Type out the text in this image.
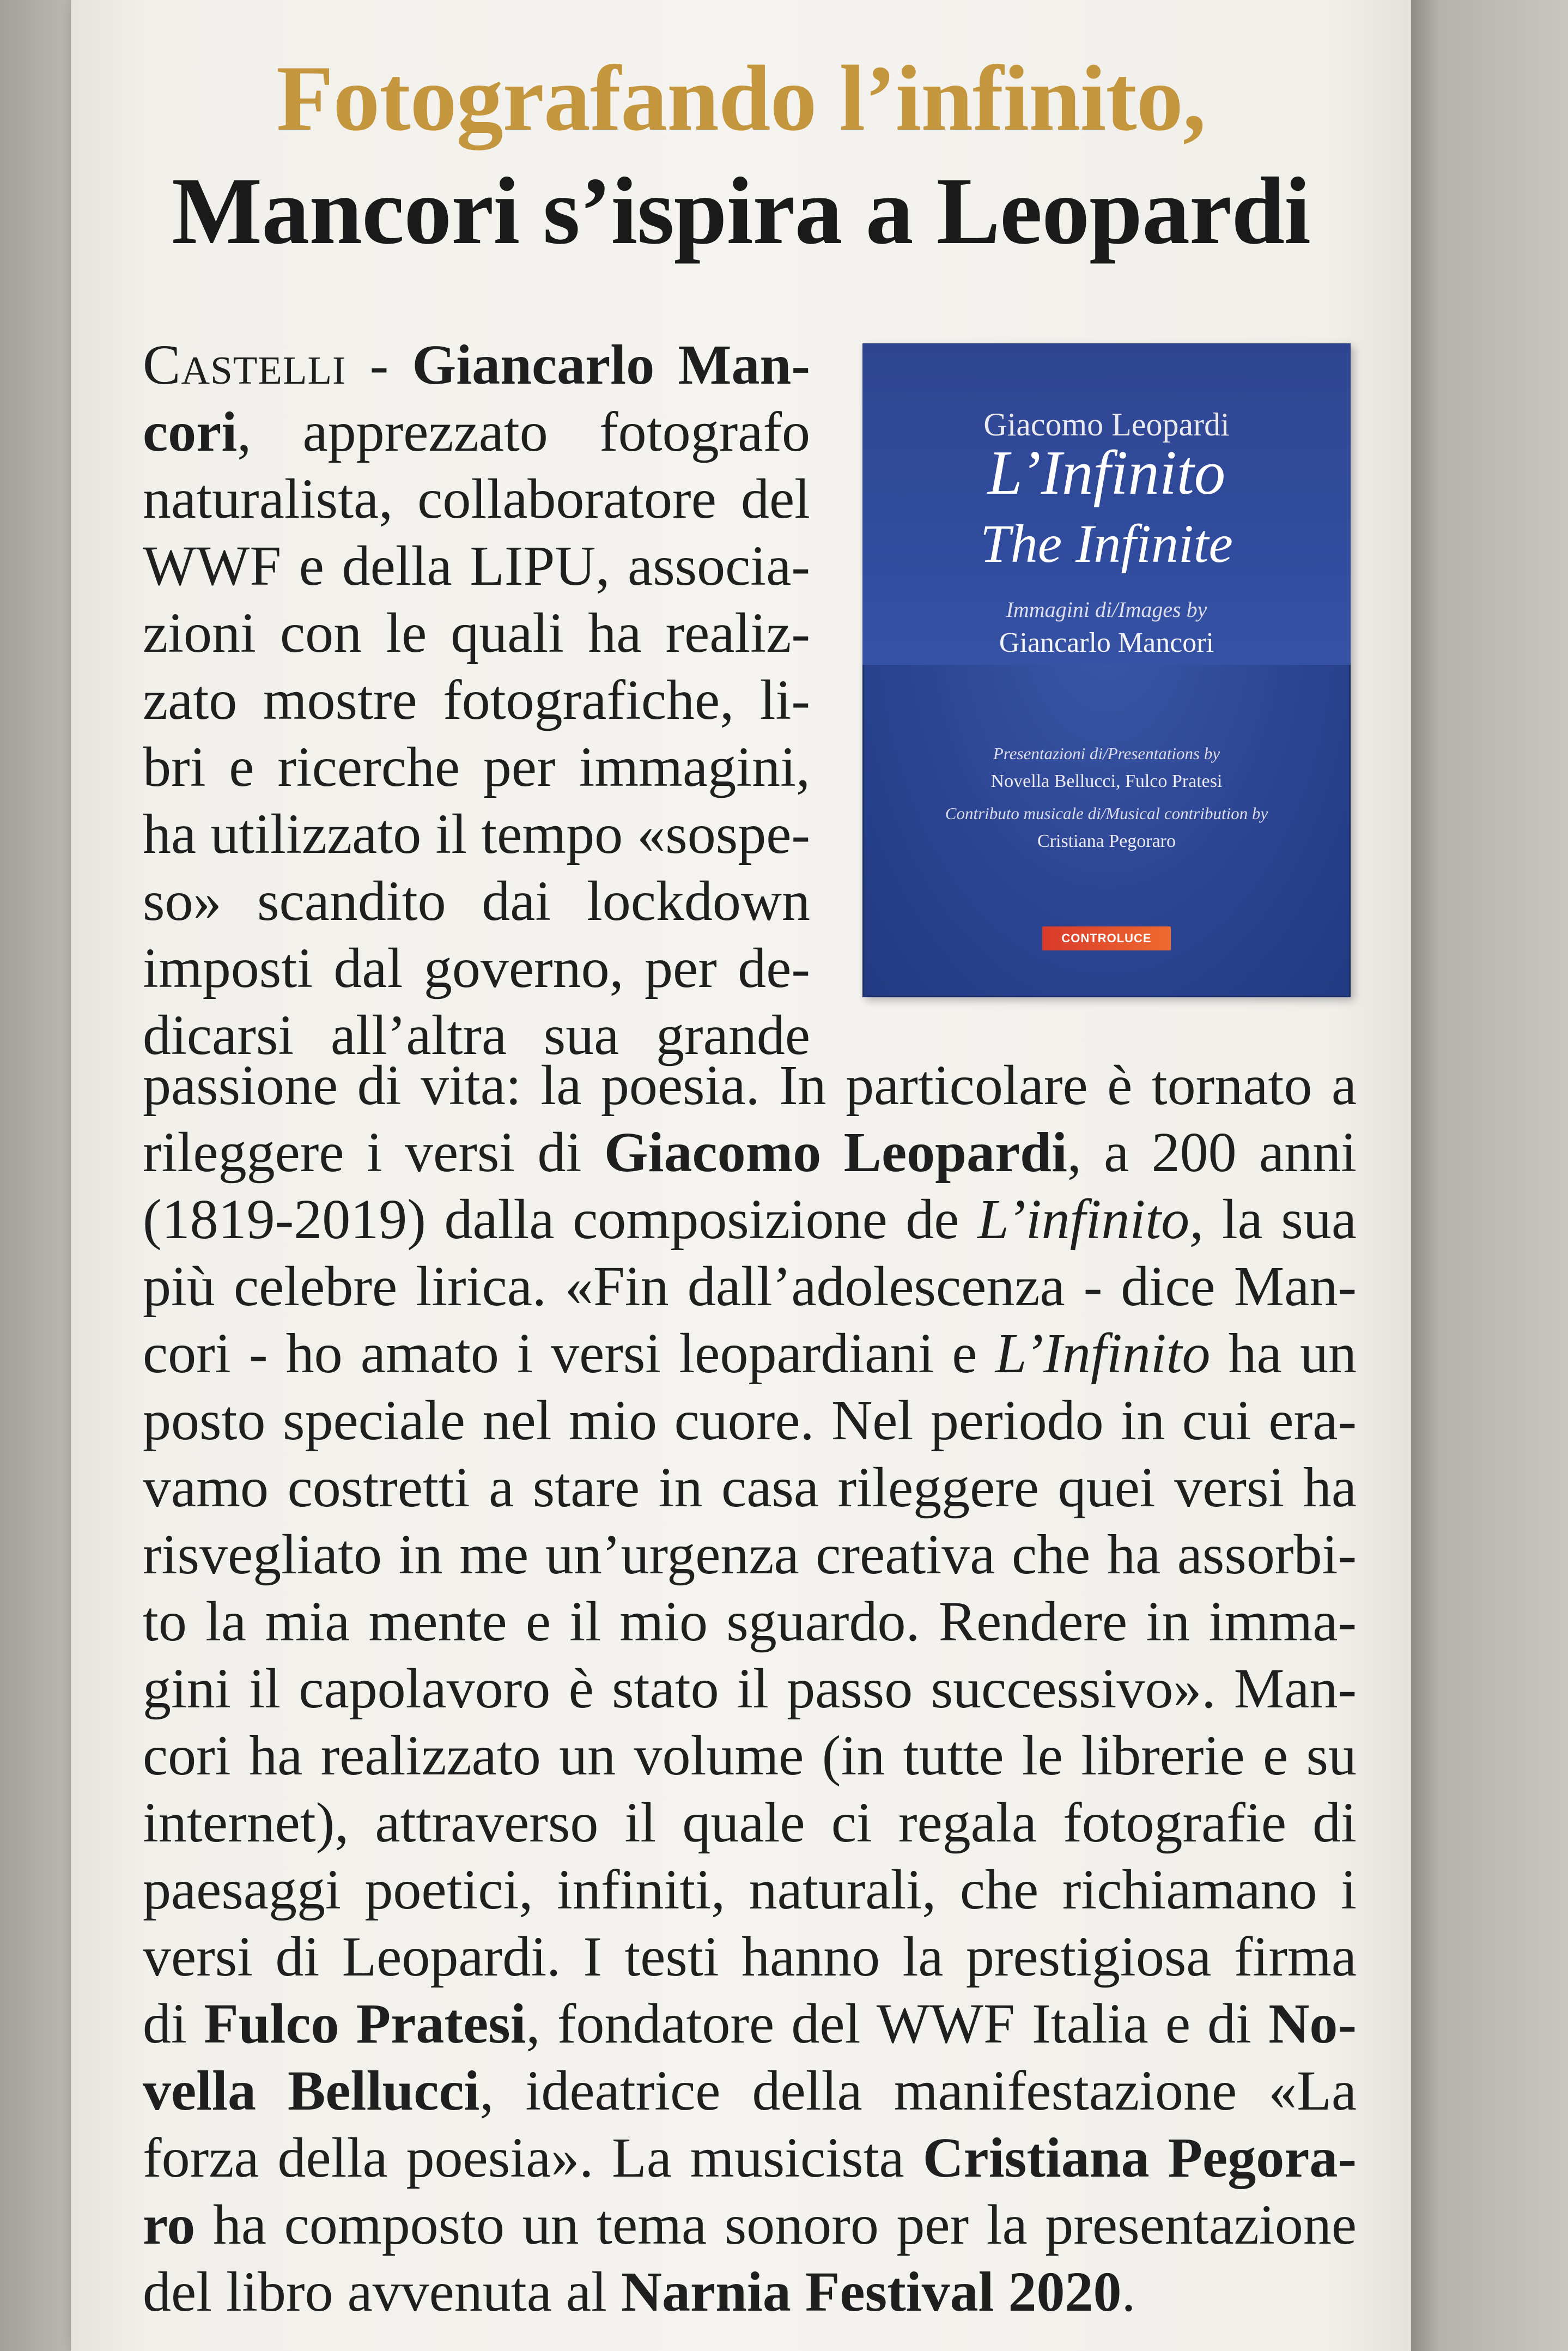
Fotografando l’infinito,
Mancori s’ispira a Leopardi
Giacomo Leopardi
L’Infinito
The Infinite
Immagini di/Images by
Giancarlo Mancori
Presentazioni di/Presentations by
Novella Bellucci, Fulco Pratesi
Contributo musicale di/Musical contribution by
Cristiana Pegoraro
CONTROLUCE

Castelli - Giancarlo Man-

cori, apprezzato fotografo

naturalista, collaboratore del

WWF e della LIPU, associa-

zioni con le quali ha realiz-

zato mostre fotografiche, li-

bri e ricerche per immagini,

ha utilizzato il tempo «sospe-

so» scandito dai lockdown

imposti dal governo, per de-

dicarsi all’altra sua grande

passione di vita: la poesia. In particolare è tornato a

rileggere i versi di Giacomo Leopardi, a 200 anni

(1819-2019) dalla composizione de L’infinito, la sua

più celebre lirica. «Fin dall’adolescenza - dice Man-

cori - ho amato i versi leopardiani e L’Infinito ha un

posto speciale nel mio cuore. Nel periodo in cui era-

vamo costretti a stare in casa rileggere quei versi ha

risvegliato in me un’urgenza creativa che ha assorbi-

to la mia mente e il mio sguardo. Rendere in imma-

gini il capolavoro è stato il passo successivo». Man-

cori ha realizzato un volume (in tutte le librerie e su

internet), attraverso il quale ci regala fotografie di

paesaggi poetici, infiniti, naturali, che richiamano i

versi di Leopardi. I testi hanno la prestigiosa firma

di Fulco Pratesi, fondatore del WWF Italia e di No-

vella Bellucci, ideatrice della manifestazione «La

forza della poesia». La musicista Cristiana Pegora-

ro ha composto un tema sonoro per la presentazione

del libro avvenuta al Narnia Festival 2020.
